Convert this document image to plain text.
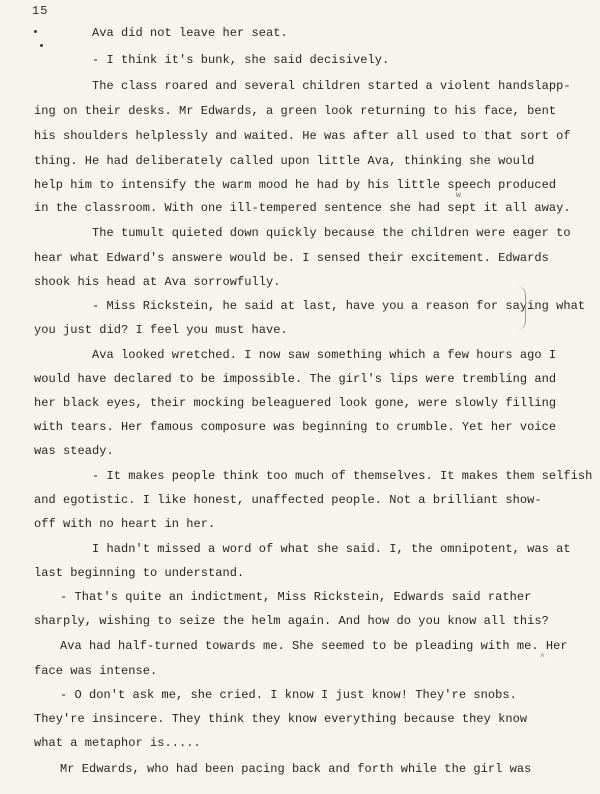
15
Ava did not leave her seat.
- I think it's bunk, she said decisively.
The class roared and several children started a violent handslapp-
ing on their desks. Mr Edwards, a green look returning to his face, bent
his shoulders helplessly and waited. He was after all used to that sort of
thing. He had deliberately called upon little Ava, thinking she would
help him to intensify the warm mood he had by his little speech produced
in the classroom. With one ill-tempered sentence she had sept it all away.
The tumult quieted down quickly because the children were eager to
hear what Edward's answere would be. I sensed their excitement. Edwards
shook his head at Ava sorrowfully.
- Miss Rickstein, he said at last, have you a reason for saying what
you just did? I feel you must have.
Ava looked wretched. I now saw something which a few hours ago I
would have declared to be impossible. The girl's lips were trembling and
her black eyes, their mocking beleaguered look gone, were slowly filling
with tears. Her famous composure was beginning to crumble. Yet her voice
was steady.
- It makes people think too much of themselves. It makes them selfish
and egotistic. I like honest, unaffected people. Not a brilliant show-
off with no heart in her.
I hadn't missed a word of what she said. I, the omnipotent, was at
last beginning to understand.
- That's quite an indictment, Miss Rickstein, Edwards said rather
sharply, wishing to seize the helm again. And how do you know all this?
Ava had half-turned towards me. She seemed to be pleading with me. Her
face was intense.
- O don't ask me, she cried. I know I just know! They're snobs.
They're insincere. They think they know everything because they know
what a metaphor is.....
Mr Edwards, who had been pacing back and forth while the girl was
w
^
